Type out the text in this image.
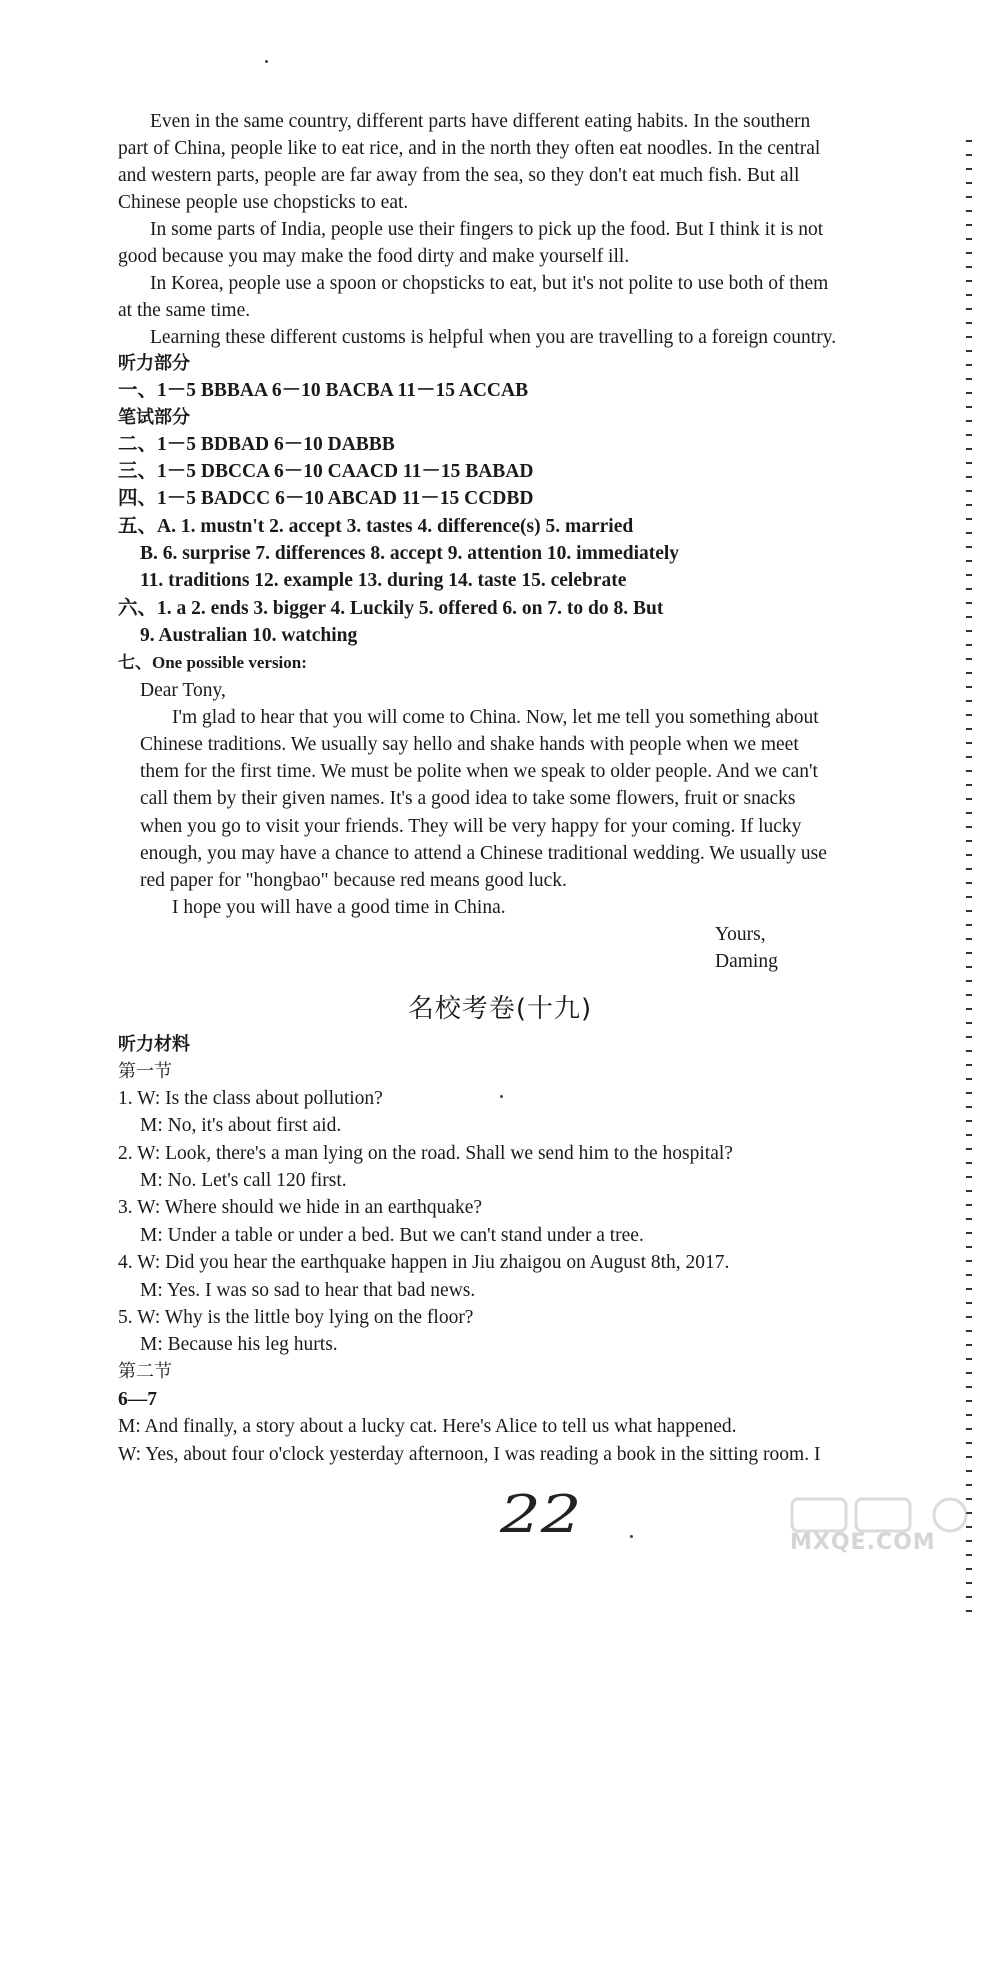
Even in the same country, different parts have different eating habits. In the southern
part of China, people like to eat rice, and in the north they often eat noodles. In the central
and western parts, people are far away from the sea, so they don't eat much fish. But all
Chinese people use chopsticks to eat.
In some parts of India, people use their fingers to pick up the food. But I think it is not
good because you may make the food dirty and make yourself ill.
In Korea, people use a spoon or chopsticks to eat, but it's not polite to use both of them
at the same time.
Learning these different customs is helpful when you are travelling to a foreign country.
听力部分
一、1－5 BBBAA 6－10 BACBA 11－15 ACCAB
笔试部分
二、1－5 BDBAD 6－10 DABBB
三、1－5 DBCCA 6－10 CAACD 11－15 BABAD
四、1－5 BADCC 6－10 ABCAD 11－15 CCDBD
五、A. 1. mustn't 2. accept 3. tastes 4. difference(s) 5. married
B. 6. surprise 7. differences 8. accept 9. attention 10. immediately
11. traditions 12. example 13. during 14. taste 15. celebrate
六、1. a 2. ends 3. bigger 4. Luckily 5. offered 6. on 7. to do 8. But
9. Australian 10. watching
七、One possible version:
Dear Tony,
I'm glad to hear that you will come to China. Now, let me tell you something about
Chinese traditions. We usually say hello and shake hands with people when we meet
them for the first time. We must be polite when we speak to older people. And we can't
call them by their given names. It's a good idea to take some flowers, fruit or snacks
when you go to visit your friends. They will be very happy for your coming. If lucky
enough, you may have a chance to attend a Chinese traditional wedding. We usually use
red paper for "hongbao" because red means good luck.
I hope you will have a good time in China.
Yours,
Daming
名校考卷(十九)
听力材料
第一节
1. W: Is the class about pollution?
M: No, it's about first aid.
2. W: Look, there's a man lying on the road. Shall we send him to the hospital?
M: No. Let's call 120 first.
3. W: Where should we hide in an earthquake?
M: Under a table or under a bed. But we can't stand under a tree.
4. W: Did you hear the earthquake happen in Jiu zhaigou on August 8th, 2017.
M: Yes. I was so sad to hear that bad news.
5. W: Why is the little boy lying on the floor?
M: Because his leg hurts.
第二节
6—7
M: And finally, a story about a lucky cat. Here's Alice to tell us what happened.
W: Yes, about four o'clock yesterday afternoon, I was reading a book in the sitting room. I
22	MXQE.COM
